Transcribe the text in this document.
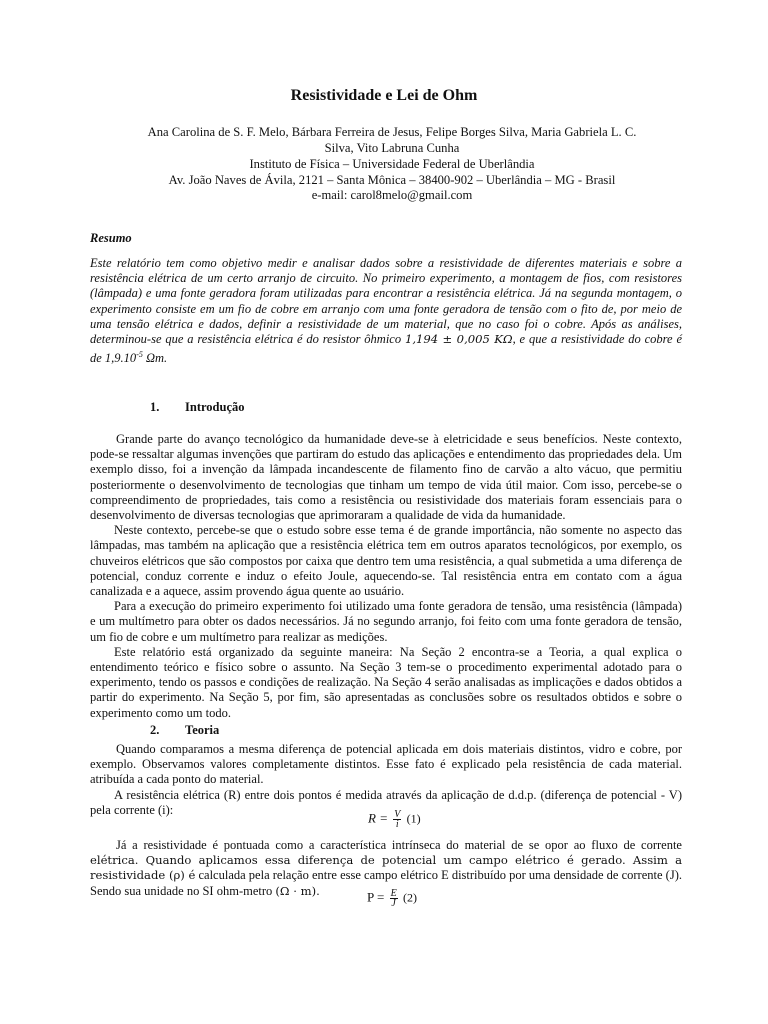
Resistividade e Lei de Ohm
Ana Carolina de S. F. Melo, Bárbara Ferreira de Jesus, Felipe Borges Silva, Maria Gabriela L. C.
Silva, Vito Labruna Cunha
Instituto de Física – Universidade Federal de Uberlândia
Av. João Naves de Ávila, 2121 – Santa Mônica – 38400-902 – Uberlândia – MG - Brasil
e-mail: carol8melo@gmail.com
Resumo
Este relatório tem como objetivo medir e analisar dados sobre a resistividade de diferentes materiais e sobre a resistência elétrica de um certo arranjo de circuito. No primeiro experimento, a montagem de fios, com resistores (lâmpada) e uma fonte geradora foram utilizadas para encontrar a resistência elétrica. Já na segunda montagem, o experimento consiste em um fio de cobre em arranjo com uma fonte geradora de tensão com o fito de, por meio de uma tensão elétrica e dados, definir a resistividade de um material, que no caso foi o cobre. Após as análises, determinou-se que a resistência elétrica é do resistor ôhmico 1,194 ± 0,005 KΩ, e que a resistividade do cobre é de $1,9.10^{-5}$ Ωm.
1. Introdução

Grande parte do avanço tecnológico da humanidade deve-se à eletricidade e seus benefícios. Neste contexto, pode-se ressaltar algumas invenções que partiram do estudo das aplicações e entendimento das propriedades dela. Um exemplo disso, foi a invenção da lâmpada incandescente de filamento fino de carvão a alto vácuo, que permitiu posteriormente o desenvolvimento de tecnologias que tinham um tempo de vida útil maior. Com isso, percebe-se o compreendimento de propriedades, tais como a resistência ou resistividade dos materiais foram essenciais para o desenvolvimento de diversas tecnologias que aprimoraram a qualidade de vida da humanidade.

Neste contexto, percebe-se que o estudo sobre esse tema é de grande importância, não somente no aspecto das lâmpadas, mas também na aplicação que a resistência elétrica tem em outros aparatos tecnológicos, por exemplo, os chuveiros elétricos que são compostos por caixa que dentro tem uma resistência, a qual submetida a uma diferença de potencial, conduz corrente e induz o efeito Joule, aquecendo-se. Tal resistência entra em contato com a água canalizada e a aquece, assim provendo água quente ao usuário.

Para a execução do primeiro experimento foi utilizado uma fonte geradora de tensão, uma resistência (lâmpada) e um multímetro para obter os dados necessários. Já no segundo arranjo, foi feito com uma fonte geradora de tensão, um fio de cobre e um multímetro para realizar as medições.

Este relatório está organizado da seguinte maneira: Na Seção 2 encontra-se a Teoria, a qual explica o entendimento teórico e físico sobre o assunto. Na Seção 3 tem-se o procedimento experimental adotado para o experimento, tendo os passos e condições de realização. Na Seção 4 serão analisadas as implicações e dados obtidos a partir do experimento. Na Seção 5, por fim, são apresentadas as conclusões sobre os resultados obtidos e sobre o experimento como um todo.

2. Teoria

Quando comparamos a mesma diferença de potencial aplicada em dois materiais distintos, vidro e cobre, por exemplo. Observamos valores completamente distintos. Esse fato é explicado pela resistência de cada material. atribuída a cada ponto do material.

A resistência elétrica (R) entre dois pontos é medida através da aplicação de d.d.p. (diferença de potencial - V) pela corrente (i):

$R = \frac{V}{i} (1)$

Já a resistividade é pontuada como a característica intrínseca do material de se opor ao fluxo de corrente elétrica. Quando aplicamos essa diferença de potencial um campo elétrico é gerado. Assim a resistividade (ρ) é calculada pela relação entre esse campo elétrico E distribuído por uma densidade de corrente (J). Sendo sua unidade no SI ohm-metro (Ω · m).	$P = \frac{E}{J} (2)$
